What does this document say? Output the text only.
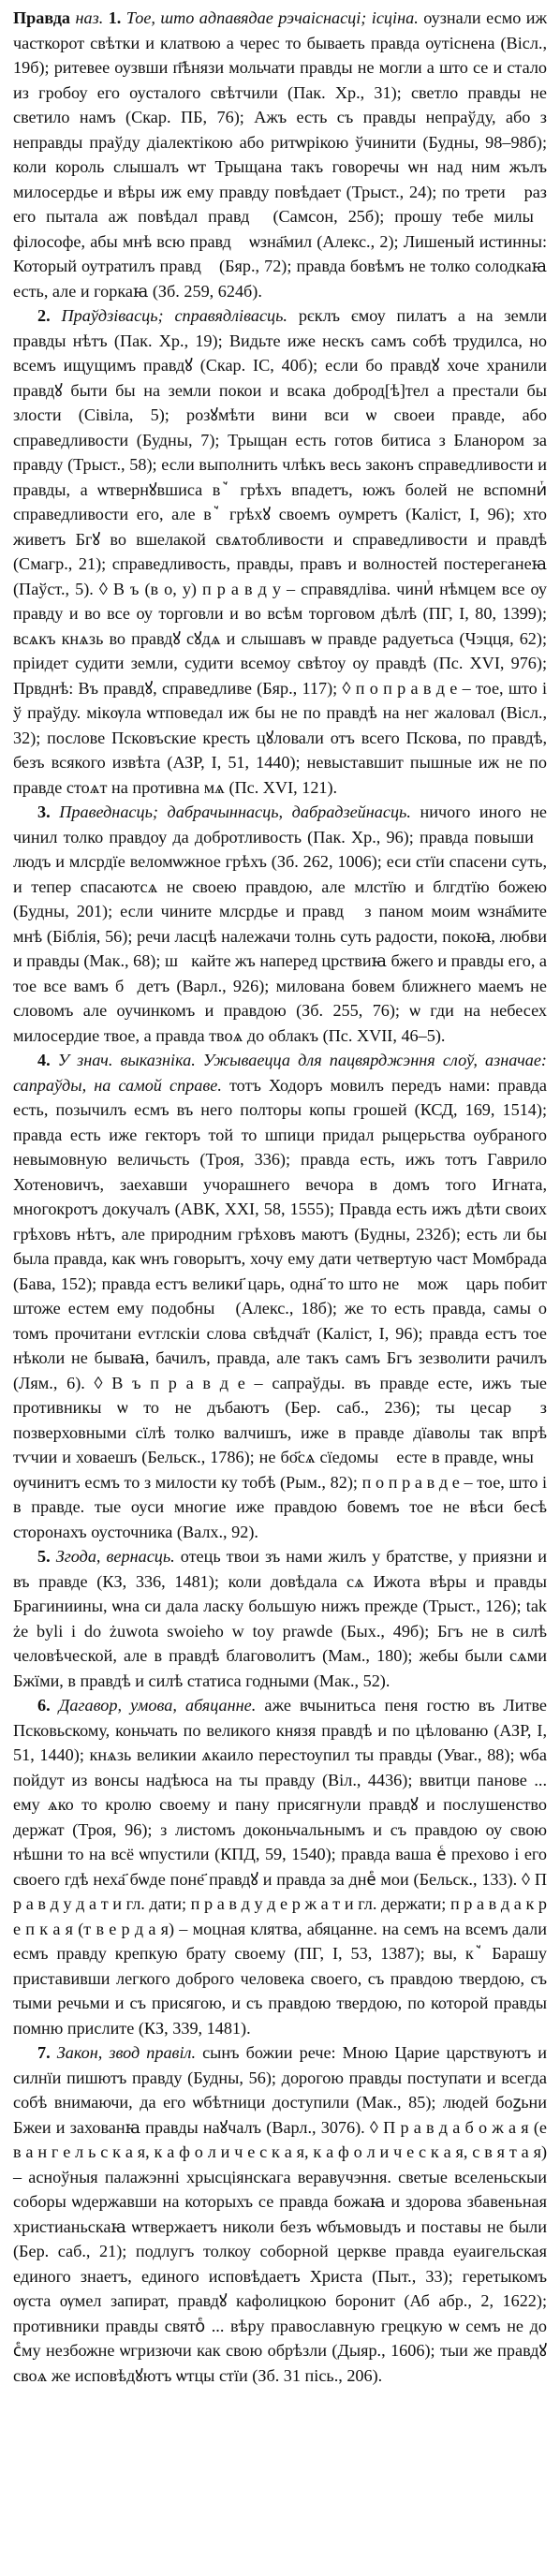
Правда наз. 1. Тое, што адпавядае рэчаіснасці; ісціна. оузнали есмо иж часткорот свѣтки и клатвою а черес то бываеть правда оутіснена (Вісл., 19б); ритевее оузвши п҃ѣнязи мольчати правды не могли а што се и стало из гробоу его оусталого свѣтчили (Пак. Хр., 31); светло правды не светило намъ (Скар. ПБ, 76); Ажъ есть съ правды непраўду, або з неправды праўду діалектікою або ритѡрікою ўчинити (Будны, 98–98б); коли король слышалъ ѡт Трыщана такъ говоречы ѡн над ним жълъ милосердье и вѣры иж ему правду повѣдает (Трыст., 24); по третиⷪ раз его пытала аж повѣдал правдꙋ (Самсон, 25б); прошу тебе милыⷪ філософе, абы мнѣ всю правдꙋ ѡзна҃мил (Алекс., 2); Лишеный истинны: Который оутратилъ правдꙋ (Бяр., 72); правда бовѣмъ не толко солодкаꙗ есть, але и горкаꙗ (Зб. 259, 624б).

2. Праўдзівасць; справядлівасць. рєклъ ємоу пилатъ а на земли правды нѣтъ (Пак. Хр., 19); Видьте иже нескъ самъ собѣ трудилса, но всемъ ищущимъ правдꙋ (Скар. ІС, 40б); если бо правдꙋ хоче хранили правдꙋ быти бы на земли покои и всака доброд[ѣ]тел а престали бы злости (Сівіла, 5); розꙋмѣти вини вси ѡ своеи правде, або справедливости (Будны, 7); Трыщан есть готов битиса з Бланором за правду (Трыст., 58); если выполнить члѣкъ весь законъ справедливости и правды, а ѡтвернꙋвшиса вꙿ грѣхъ впадетъ, южъ болей не вспомниⷮ справедливости его, але вꙿ грѣхꙋ своемъ оумретъ (Каліст, І, 96); хто живетъ Бгꙋ во вшелакой свѧтобливости и справедливости и правдѣ (Смагр., 21); справедливость, правды, правъ и волностей постереганеꙗ (Паўст., 5). ◊ В ъ (в о, у) п р а в д у – справядліва. чиниⷮ нѣмцем все оу правду и во все оу торговли и во всѣм торговом дѣлѣ (ПГ, І, 80, 1399); всѧкъ кнѧзь во правдꙋ сꙋдѧ и слышавъ ѡ правде радуетьса (Чэцця, 62); пріидет судити земли, судити всемоу свѣтоу оу правдѣ (Пс. XVI, 976); Првднѣ: Въ правдꙋ, справедливе (Бяр., 117); ◊ п о п р а в д е – тое, што і ў праўду. мікѹла ѡтповедал иж бы не по правдѣ на нег жаловал (Вісл., 32); послове Псковъские кресть цꙋловали отъ всего Пскова, по правдѣ, безъ всякого извѣта (АЗР, І, 51, 1440); невыставшит пышные иж не по правде стоѧт на противна мѧ (Пс. XVI, 121).

3. Праведнасць; дабрачыннасць, дабрадзейнасць. ничого иного не чинил толко правдоу да добротливость (Пак. Хр., 96); правда повышиⷮ людъ и млсрдїе веломѡжное грѣхъ (Зб. 262, 1006); еси стїи спасени суть, и тепер спасаютсѧ не своею правдою, але млстїю и блгдтїю божею (Будны, 201); если чините млсрдье и правдꙋ з паном моим ѡзна҃мите мнѣ (Біблія, 56); речи ласцѣ належачи толнь суть радости, покоꙗ, любви и правды (Мак., 68); шꙋкайте жъ наперед црствиꙗ бжего и правды его, а тое все вамъ бꙋдетъ (Варл., 926); милована бовем ближнего маемъ не словомъ але оучинкомъ и правдою (Зб. 255, 76); ѡ гди на небесех милосердие твое, а правда твоѧ до облакъ (Пс. XVII, 46–5).

4. У знач. выказніка. Ужываецца для пацвярджэння слоў, азначае: сапраўды, на самой справе. тотъ Ходоръ мовилъ передъ нами: правда есть, позычилъ есмъ въ него полторы копы грошей (КСД, 169, 1514); правда есть иже гекторъ той то шпици придал рыцерьства оубраного невымовную величьсть (Троя, 336); правда есть, ижъ тотъ Гаврило Хотеновичъ, заехавши учорашнего вечора в домъ того Игната, многокротъ докучалъ (АВК, XXI, 58, 1555); Правда есть ижъ дѣти своих грѣховъ нѣтъ, але природним грѣховъ маютъ (Будны, 232б); есть ли бы была правда, как ѡнъ говорытъ, хочу ему дати четвертую част Момбрада (Бава, 152); правда естъ велики҃ царь, одна҃ то што неⷮ можꙋ царь побит штоже естем ему подобныⷩ (Алекс., 18б); же то есть правда, самы о томъ прочитани еѵглскіи слова свѣдча҃т (Каліст, І, 96); правда естъ тое нѣколи не бываꙗ, бачилъ, правда, але такъ самъ Бгъ зезволити рачилъ (Лям., 6). ◊ В ъ п р а в д е – сапраўды. въ правде есте, ижъ тые противникы ѡ то не дъбаютъ (Бер. саб., 236); ты цесарꙋ з позверховными сїлѣ толко валчишъ, иже в правде дїаволы так впрѣ тѵчии и ховаешъ (Бельск., 1786); не бо҃сѧ сїедомыⷡ есте в правде, ѡныⷡ ѹчинитъ есмъ то з милости ку тобѣ (Рым., 82); п о п р а в д е – тое, што і в правде. тые оуси многие иже правдою бовемъ тое не вѣси бесѣ сторонахъ оусточника (Валх., 92).

5. Згода, вернасць. отець твои зъ нами жилъ у братстве, у приязни и въ правде (КЗ, 336, 1481); коли довѣдала сѧ Ижота вѣры и правды Брагиниины, ѡна си дала ласку большую нижъ прежде (Трыст., 126); tak że byli i do żuwota swoieho w toy prawde (Бых., 49б); Бгъ не в силѣ человѣческой, але в правдѣ благоволитъ (Мам., 180); жебы были сѧми Бжїми, в правдѣ и силѣ статиса годными (Мак., 52).

6. Дагавор, умова, абяцанне. аже вчынитьса пеня гостю въ Литве Псковьскому, коньчать по великого князя правдѣ и по цѣлованю (АЗР, І, 51, 1440); кнѧзь великии ѧкаило перестоупил ты правды (Уваr., 88); ѡба пойдут из вонсы надѣюса на ты правду (Віл., 4436); ввитци панове ... ему ѧко то кролю своему и пану присягнули правдꙋ и послушенство держат (Троя, 96); з листомъ доконьчальнымъ и съ правдою оу свою нѣшни то на всё ѡпустили (КПД, 59, 1540); правда ваша еⷭ прехово і его своего гдѣ неха҃ бѡде поне҃ правдꙋ и правда за днеⷷ мои (Бельск., 133). ◊ П р а в д у д а т и гл. дати; п р а в д у д е р ж а т и гл. держати; п р а в д а к р е п к а я (т в е р д а я) – моцная клятва, абяцанне. на семъ на всемъ дали есмъ правду крепкую брату своему (ПГ, І, 53, 1387); вы, кꙿ Барашу приставивши легкого доброго человека своего, съ правдою твердою, съ тыми речьми и съ присягою, и съ правдою твердою, по которой правды помню прислите (КЗ, 339, 1481).

7. Закон, звод правіл. сынъ божии рече: Мною Царие царствуютъ и силнїи пишютъ правду (Будны, 56); дорогою правды поступати и всегда собѣ внимаючи, да его ѡбѣтници доступили (Мак., 85); людей боꙁьни Бжеи и захованꙗ правды наꙋчалъ (Варл., 3076). ◊ П р а в д а б о ж а я (е в а н г е л ь с к а я, к а ф о л и ч е с к а я, к а ф о л и ч е с к а я, с в я т а я) – асноўныя палажэнні хрысціянскага веравучэння. светые вселеньскыи соборы ѡдержавши на которыхъ се правда божаꙗ и здорова збавеньная христианьскаꙗ ѡтвержаетъ николи безъ ѡбъмовыдъ и поставы не были (Бер. саб., 21); подлугъ толкоу соборной церкве правда еуаигельская единого знаетъ, единого исповѣдаетъ Христа (Пыт., 33); геретыкомъ ѹста ѹмел запират, правдꙋ кафолицкою боронит (Аб абр., 2, 1622); противники правды святоⷷ ... вѣру православную грецкую ѡ семъ не до сⷷму незбожне ѡгризючи как свою обрѣзли (Дыяр., 1606); тыи же правдꙋ своѧ же исповѣдꙋютъ ѡтцы стїи (Зб. 31 пісь., 206).
